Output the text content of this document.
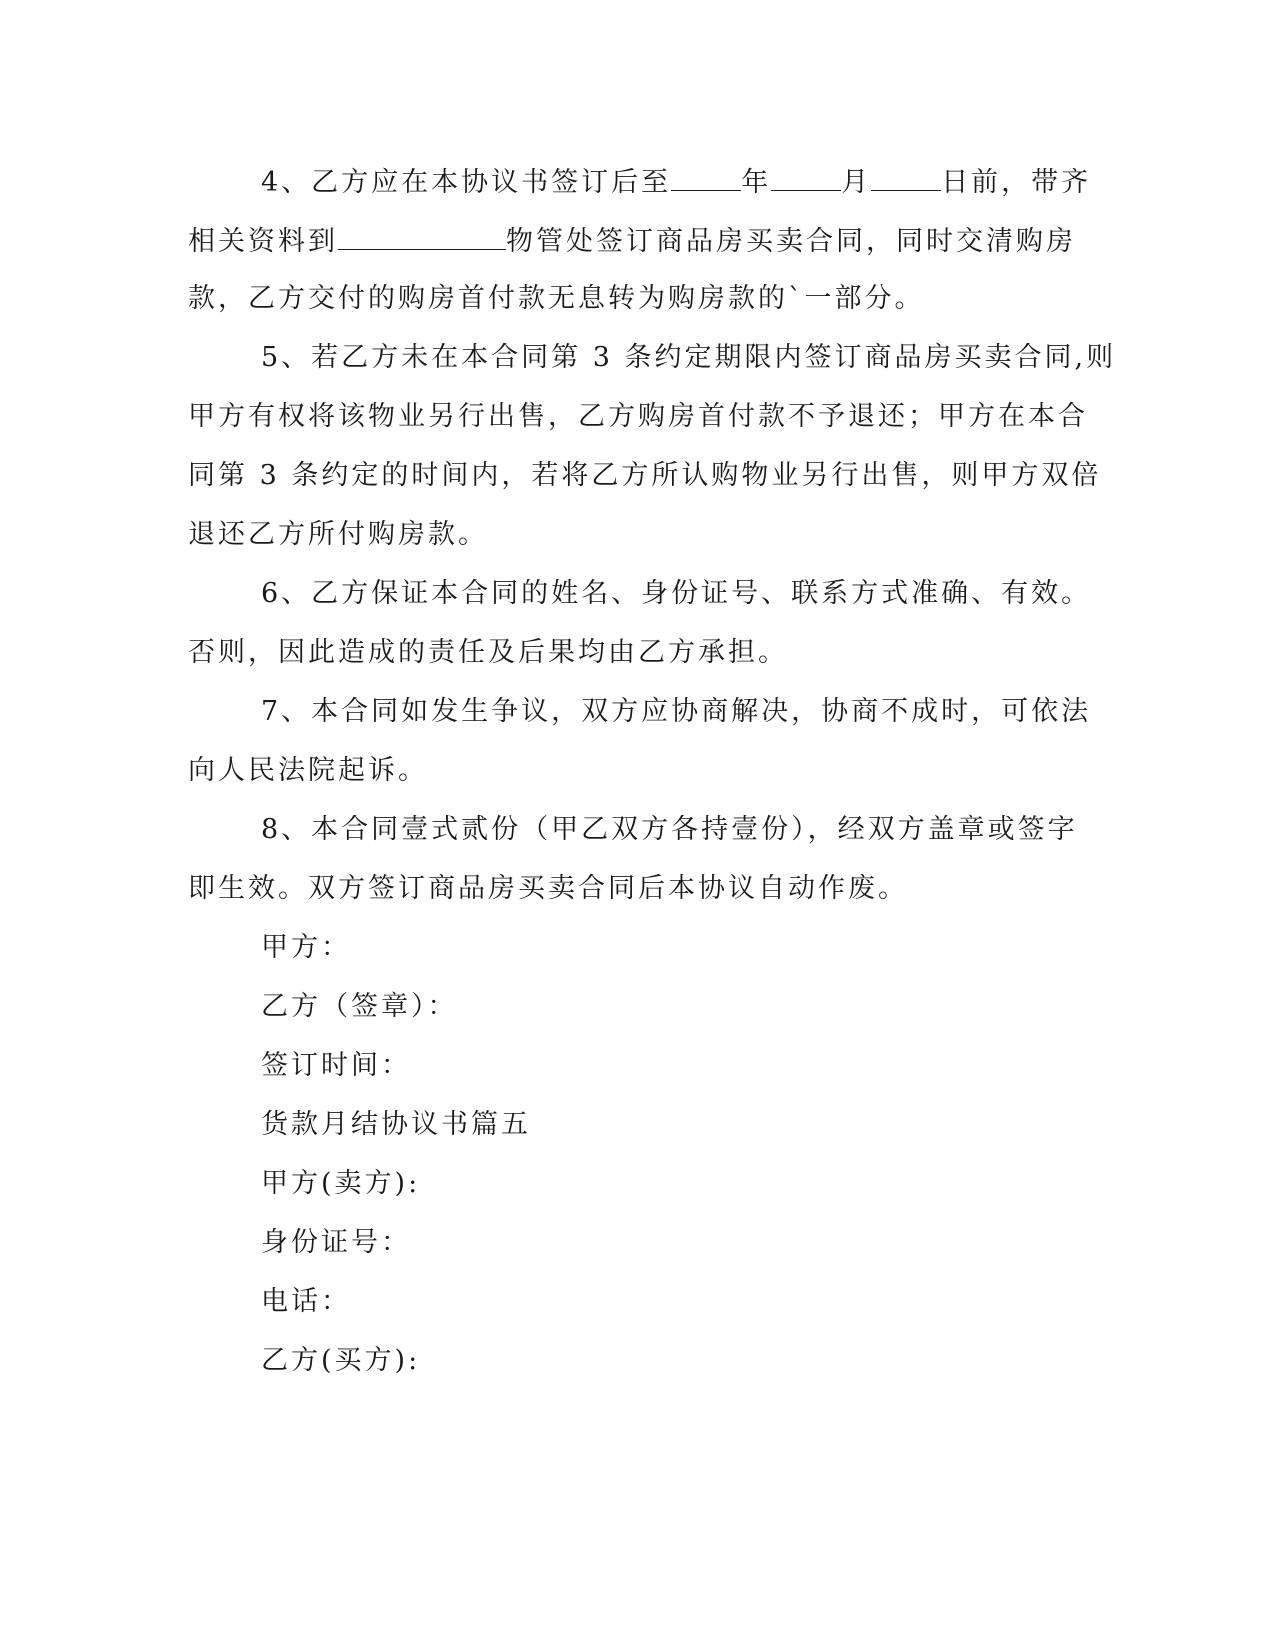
4、乙方应在本协议书签订后至	年	月	日前，带齐
相关资料到	物管处签订商品房买卖合同，同时交清购房
款，乙方交付的购房首付款无息转为购房款的`一部分。
5、若乙方未在本合同第 3 条约定期限内签订商品房买卖合同,则
甲方有权将该物业另行出售，乙方购房首付款不予退还；甲方在本合
同第 3 条约定的时间内，若将乙方所认购物业另行出售，则甲方双倍
退还乙方所付购房款。
6、乙方保证本合同的姓名、身份证号、联系方式准确、有效。
否则，因此造成的责任及后果均由乙方承担。
7、本合同如发生争议，双方应协商解决，协商不成时，可依法
向人民法院起诉。
8、本合同壹式贰份（甲乙双方各持壹份），经双方盖章或签字
即生效。双方签订商品房买卖合同后本协议自动作废。
甲方：
乙方（签章）：
签订时间：
货款月结协议书篇五
甲方(卖方):
身份证号：
电话：
乙方(买方):
